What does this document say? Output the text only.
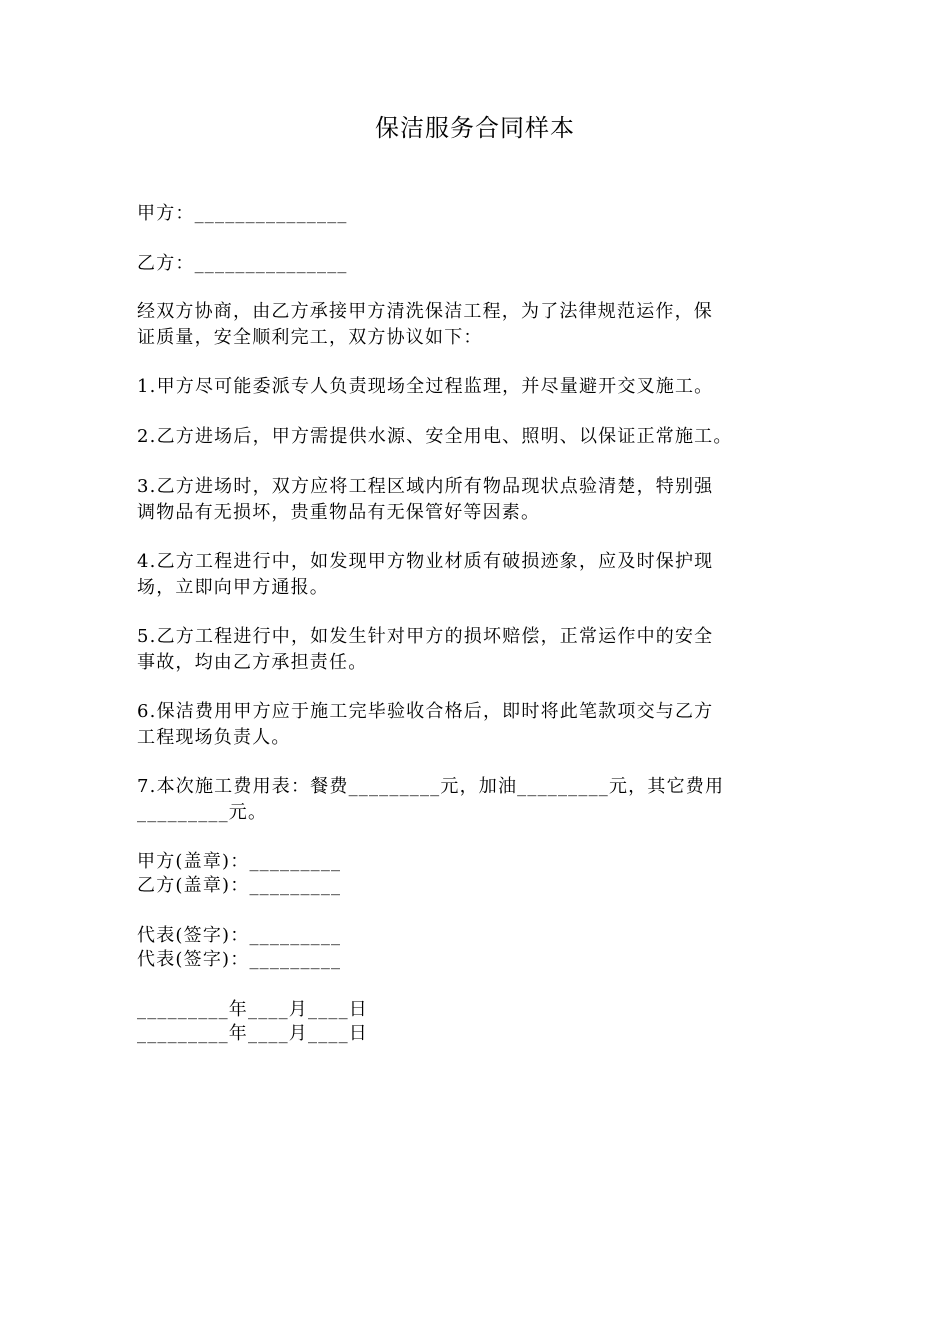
保洁服务合同样本
甲方：_______________
乙方：_______________
经双方协商，由乙方承接甲方清洗保洁工程，为了法律规范运作，保
证质量，安全顺利完工，双方协议如下：
1.甲方尽可能委派专人负责现场全过程监理，并尽量避开交叉施工。
2.乙方进场后，甲方需提供水源、安全用电、照明、以保证正常施工。
3.乙方进场时，双方应将工程区域内所有物品现状点验清楚，特别强
调物品有无损坏，贵重物品有无保管好等因素。
4.乙方工程进行中，如发现甲方物业材质有破损迹象，应及时保护现
场，立即向甲方通报。
5.乙方工程进行中，如发生针对甲方的损坏赔偿，正常运作中的安全
事故，均由乙方承担责任。
6.保洁费用甲方应于施工完毕验收合格后，即时将此笔款项交与乙方
工程现场负责人。
7.本次施工费用表：餐费_________元，加油_________元，其它费用
_________元。
甲方(盖章)：_________
乙方(盖章)：_________
代表(签字)：_________
代表(签字)：_________
_________年____月____日
_________年____月____日
